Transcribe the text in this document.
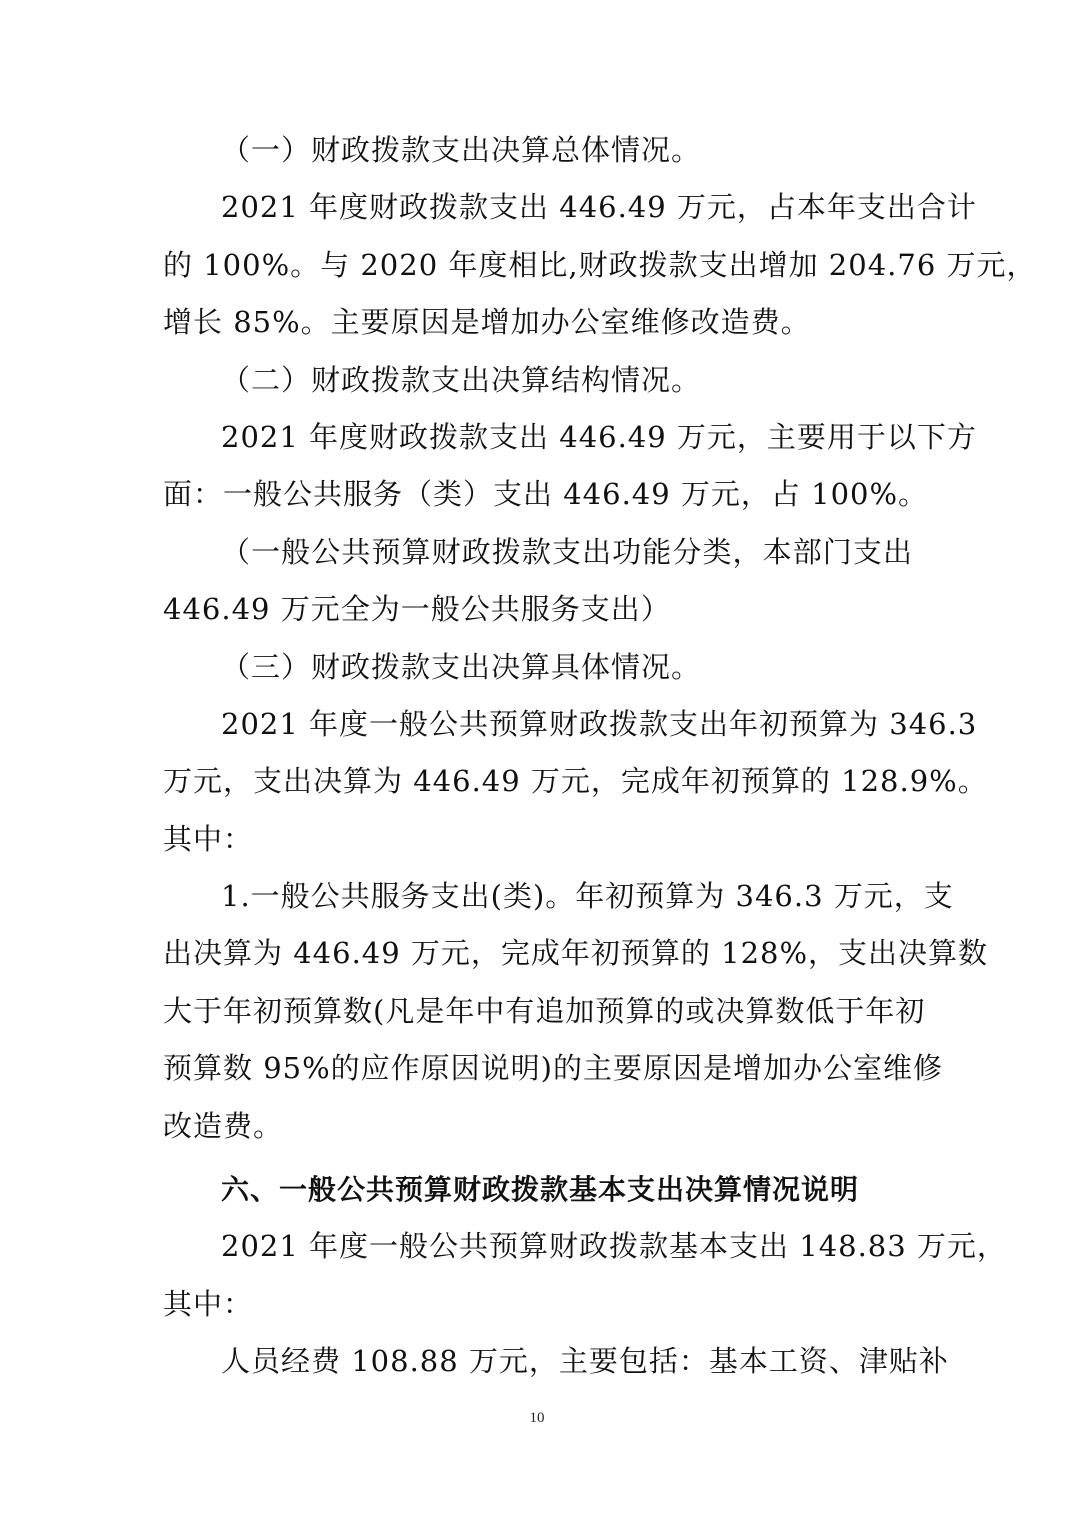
（一）财政拨款支出决算总体情况。
2021 年度财政拨款支出 446.49 万元，占本年支出合计
的 100%。与 2020 年度相比,财政拨款支出增加 204.76 万元，
增长 85%。主要原因是增加办公室维修改造费。
（二）财政拨款支出决算结构情况。
2021 年度财政拨款支出 446.49 万元，主要用于以下方
面：一般公共服务（类）支出 446.49 万元，占 100%。
（一般公共预算财政拨款支出功能分类，本部门支出
446.49 万元全为一般公共服务支出）
（三）财政拨款支出决算具体情况。
2021 年度一般公共预算财政拨款支出年初预算为 346.3
万元，支出决算为 446.49 万元，完成年初预算的 128.9%。
其中：
1.一般公共服务支出(类)。年初预算为 346.3 万元，支
出决算为 446.49 万元，完成年初预算的 128%，支出决算数
大于年初预算数(凡是年中有追加预算的或决算数低于年初
预算数 95%的应作原因说明)的主要原因是增加办公室维修
改造费。
六、一般公共预算财政拨款基本支出决算情况说明
2021 年度一般公共预算财政拨款基本支出 148.83 万元，
其中：
人员经费 108.88 万元，主要包括：基本工资、津贴补
10
